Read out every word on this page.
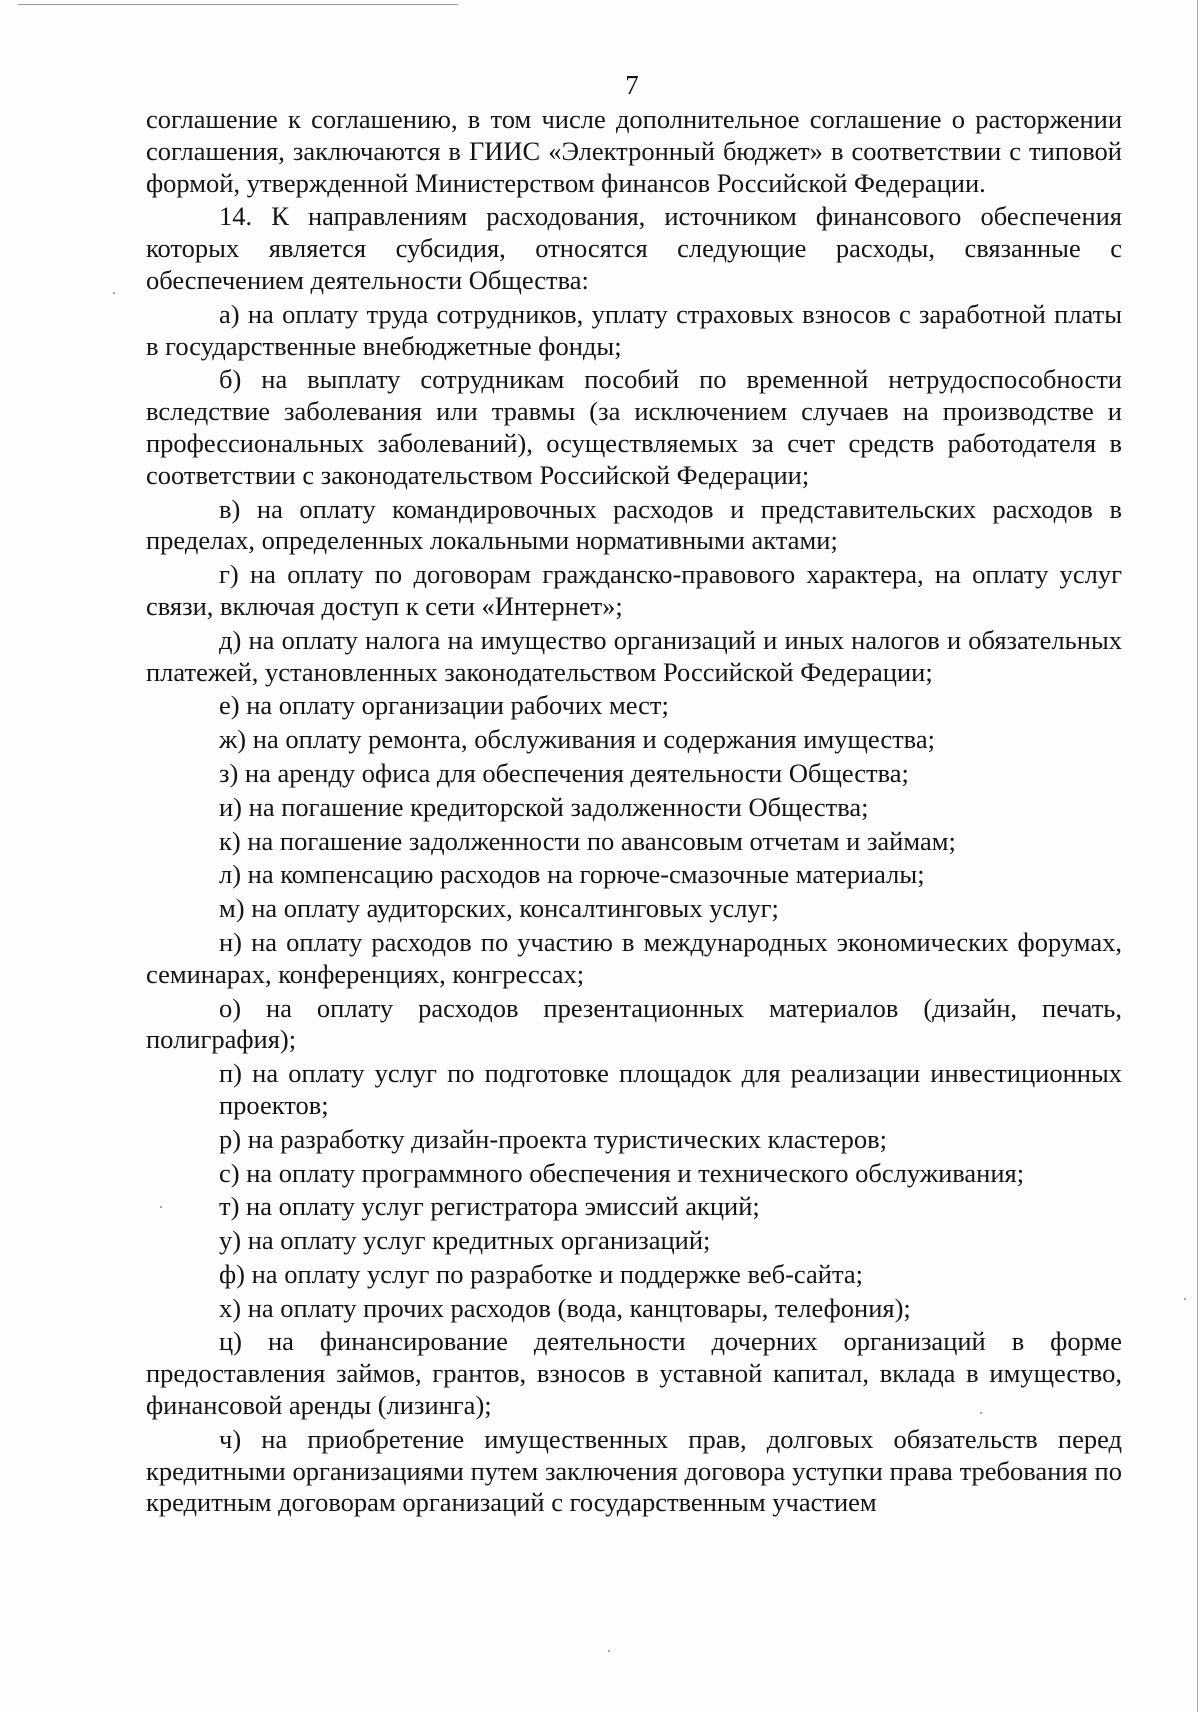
7

соглашение к соглашению, в том числе дополнительное соглашение о расторжении соглашения, заключаются в ГИИС «Электронный бюджет» в соответствии с типовой формой, утвержденной Министерством финансов Российской Федерации.

14. К направлениям расходования, источником финансового обеспечения которых является субсидия, относятся следующие расходы, связанные с обеспечением деятельности Общества:

а) на оплату труда сотрудников, уплату страховых взносов с заработной платы в государственные внебюджетные фонды;

б) на выплату сотрудникам пособий по временной нетрудоспособности вследствие заболевания или травмы (за исключением случаев на производстве и профессиональных заболеваний), осуществляемых за счет средств работодателя в соответствии с законодательством Российской Федерации;

в) на оплату командировочных расходов и представительских расходов в пределах, определенных локальными нормативными актами;

г) на оплату по договорам гражданско-правового характера, на оплату услуг связи, включая доступ к сети «Интернет»;

д) на оплату налога на имущество организаций и иных налогов и обязательных платежей, установленных законодательством Российской Федерации;

е) на оплату организации рабочих мест;

ж) на оплату ремонта, обслуживания и содержания имущества;

з) на аренду офиса для обеспечения деятельности Общества;

и) на погашение кредиторской задолженности Общества;

к) на погашение задолженности по авансовым отчетам и займам;

л) на компенсацию расходов на горюче-смазочные материалы;

м) на оплату аудиторских, консалтинговых услуг;

н) на оплату расходов по участию в международных экономических форумах, семинарах, конференциях, конгрессах;

о) на оплату расходов презентационных материалов (дизайн, печать, полиграфия);

п) на оплату услуг по подготовке площадок для реализации инвестиционных проектов;

р) на разработку дизайн-проекта туристических кластеров;

с) на оплату программного обеспечения и технического обслуживания;

т) на оплату услуг регистратора эмиссий акций;

у) на оплату услуг кредитных организаций;

ф) на оплату услуг по разработке и поддержке веб-сайта;

х) на оплату прочих расходов (вода, канцтовары, телефония);

ц) на финансирование деятельности дочерних организаций в форме предоставления займов, грантов, взносов в уставной капитал, вклада в имущество, финансовой аренды (лизинга);

ч) на приобретение имущественных прав, долговых обязательств перед кредитными организациями путем заключения договора уступки права требования по кредитным договорам организаций с государственным участием
